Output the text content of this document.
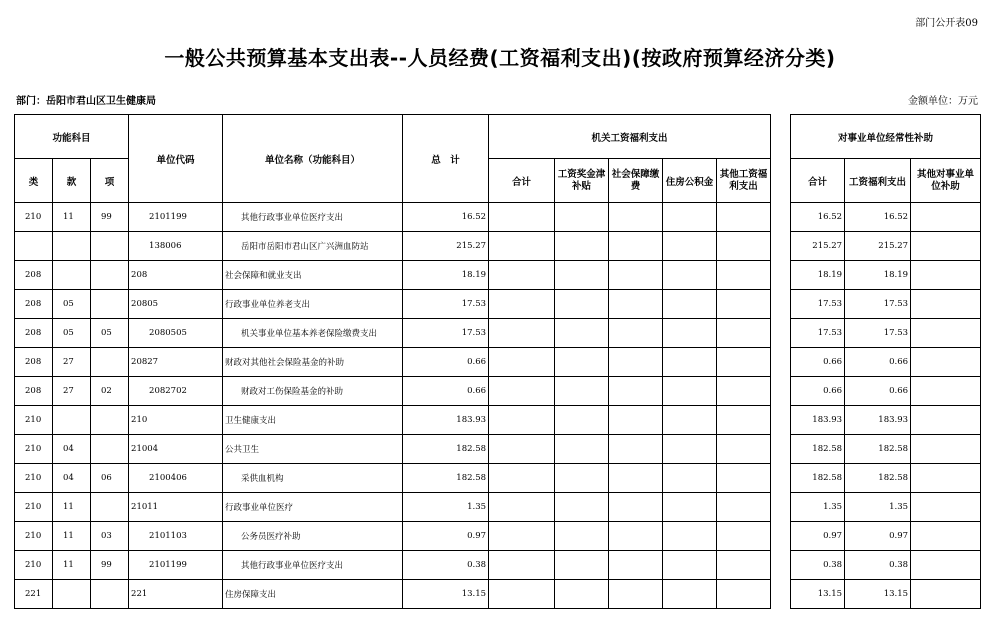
部门公开表09
一般公共预算基本支出表--人员经费(工资福利支出)(按政府预算经济分类)
部门：岳阳市君山区卫生健康局	金额单位：万元
功能科目			单位代码	单位名称（功能科目）	总　计	机关工资福利支出						对事业单位经常性补助		
类	款	项				合计	工资奖金津补贴	社会保障缴费	住房公积金	其他工资福利支出		合计	工资福利支出	其他对事业单位补助
210	11	99	2101199	其他行政事业单位医疗支出	16.52							16.52	16.52	
			138006	岳阳市岳阳市君山区广兴洲血防站	215.27							215.27	215.27	
208			208	社会保障和就业支出	18.19							18.19	18.19	
208	05		20805	行政事业单位养老支出	17.53							17.53	17.53	
208	05	05	2080505	机关事业单位基本养老保险缴费支出	17.53							17.53	17.53	
208	27		20827	财政对其他社会保险基金的补助	0.66							0.66	0.66	
208	27	02	2082702	财政对工伤保险基金的补助	0.66							0.66	0.66	
210			210	卫生健康支出	183.93							183.93	183.93	
210	04		21004	公共卫生	182.58							182.58	182.58	
210	04	06	2100406	采供血机构	182.58							182.58	182.58	
210	11		21011	行政事业单位医疗	1.35							1.35	1.35	
210	11	03	2101103	公务员医疗补助	0.97							0.97	0.97	
210	11	99	2101199	其他行政事业单位医疗支出	0.38							0.38	0.38	
221			221	住房保障支出	13.15							13.15	13.15	
